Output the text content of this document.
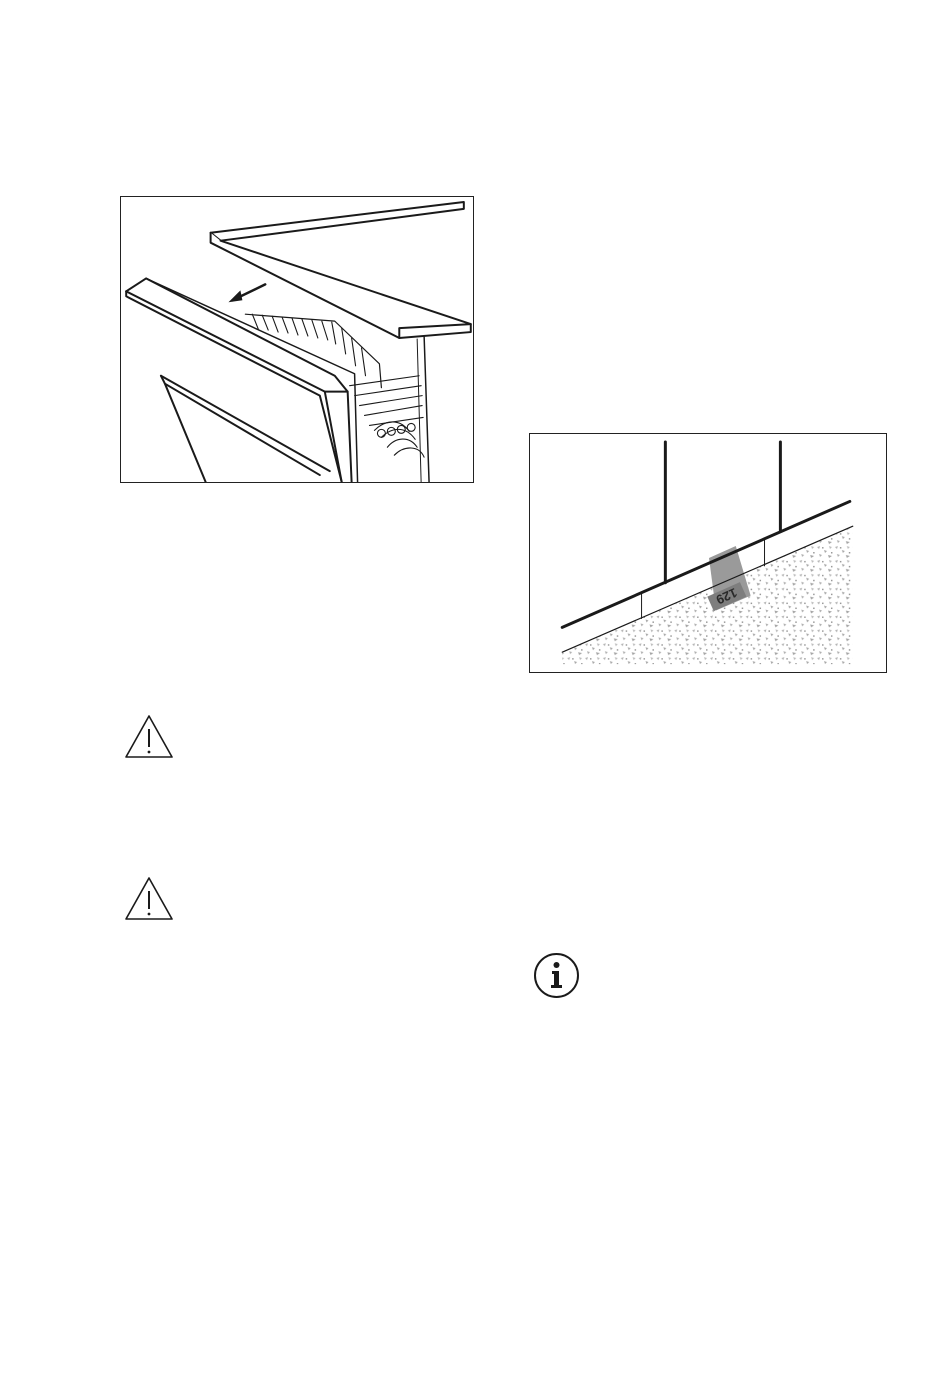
129
